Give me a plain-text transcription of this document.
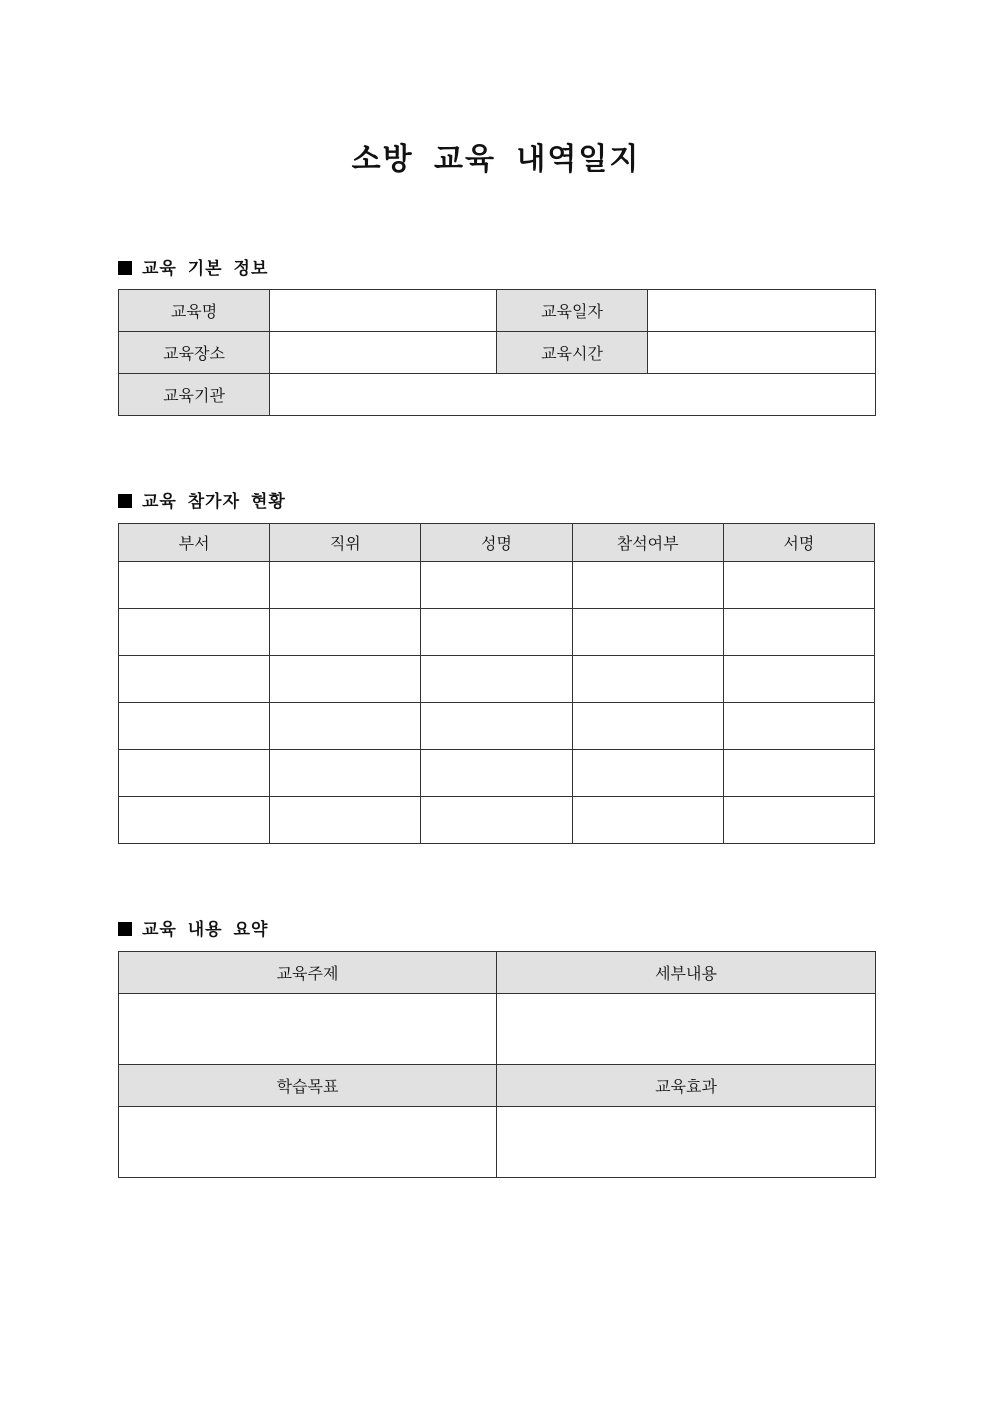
소방 교육 내역일지
교육 기본 정보
교육명		교육일자	
교육장소		교육시간	
교육기관			
교육 참가자 현황
부서	직위	성명	참석여부	서명

교육 내용 요약
교육주제	세부내용

학습목표	교육효과
